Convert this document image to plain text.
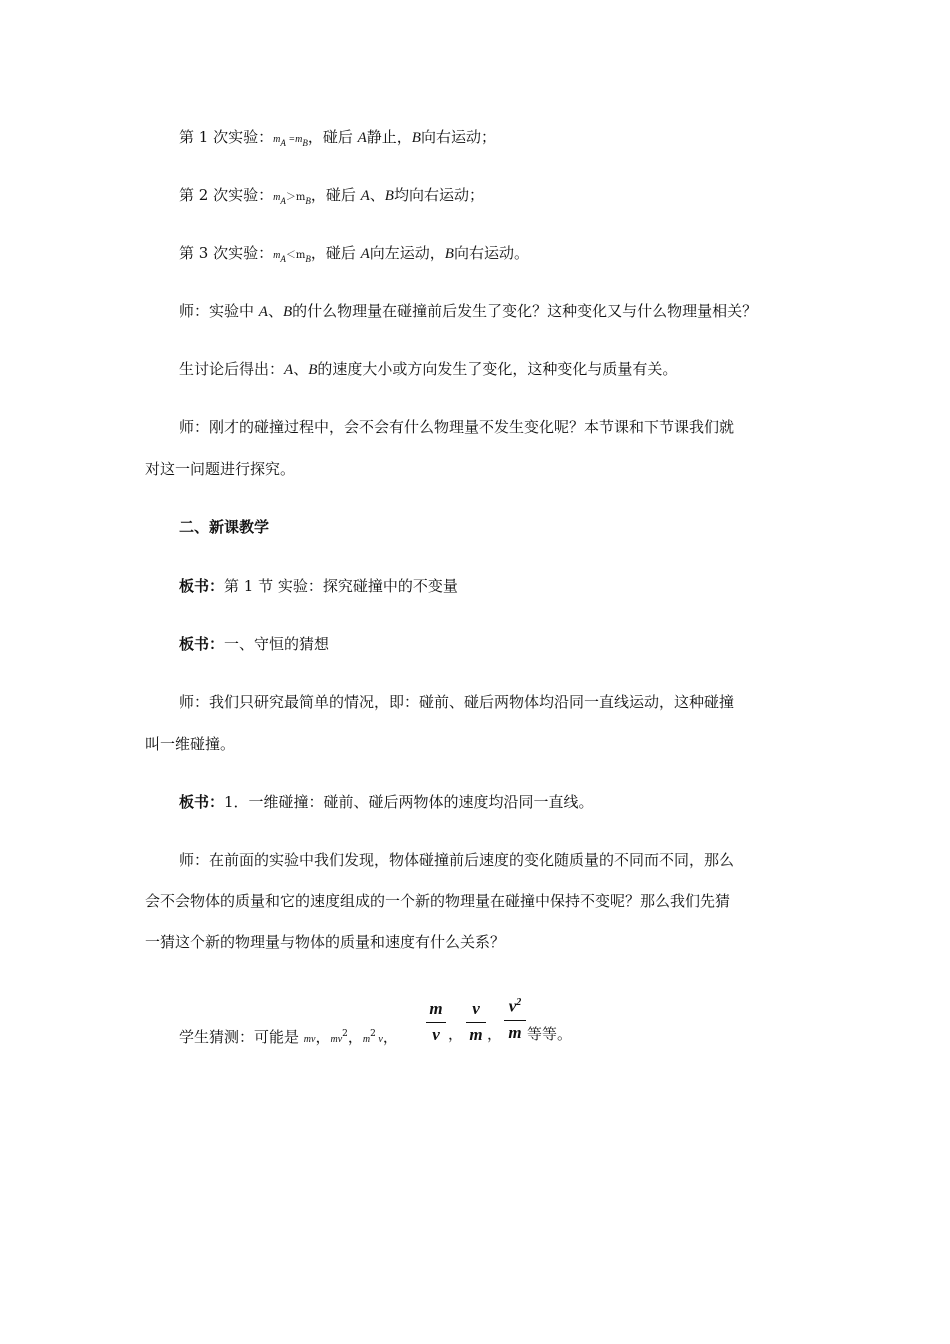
第 1 次实验：$m_A =m_B$，碰后 A静止，B向右运动；
第 2 次实验：$m_A>m_B$，碰后 A、B均向右运动；
第 3 次实验：$m_A<m_B$，碰后 A向左运动，B向右运动。
师：实验中 A、B的什么物理量在碰撞前后发生了变化？这种变化又与什么物理量相关？
生讨论后得出：A、B的速度大小或方向发生了变化，这种变化与质量有关。
师：刚才的碰撞过程中，会不会有什么物理量不发生变化呢？本节课和下节课我们就
对这一问题进行探究。
二、新课教学
板书：第 1 节 实验：探究碰撞中的不变量
板书：一、守恒的猜想
师：我们只研究最简单的情况，即：碰前、碰后两物体均沿同一直线运动，这种碰撞
叫一维碰撞。
板书：1．一维碰撞：碰前、碰后两物体的速度均沿同一直线。
师：在前面的实验中我们发现，物体碰撞前后速度的变化随质量的不同而不同，那么
会不会物体的质量和它的速度组成的一个新的物理量在碰撞中保持不变呢？那么我们先猜
一猜这个新的物理量与物体的质量和速度有什么关系？
学生猜测：可能是 mv，$mv^2$，$m^2$ v，
m
v ，
v
m ，
$v^2$
m 等等。
